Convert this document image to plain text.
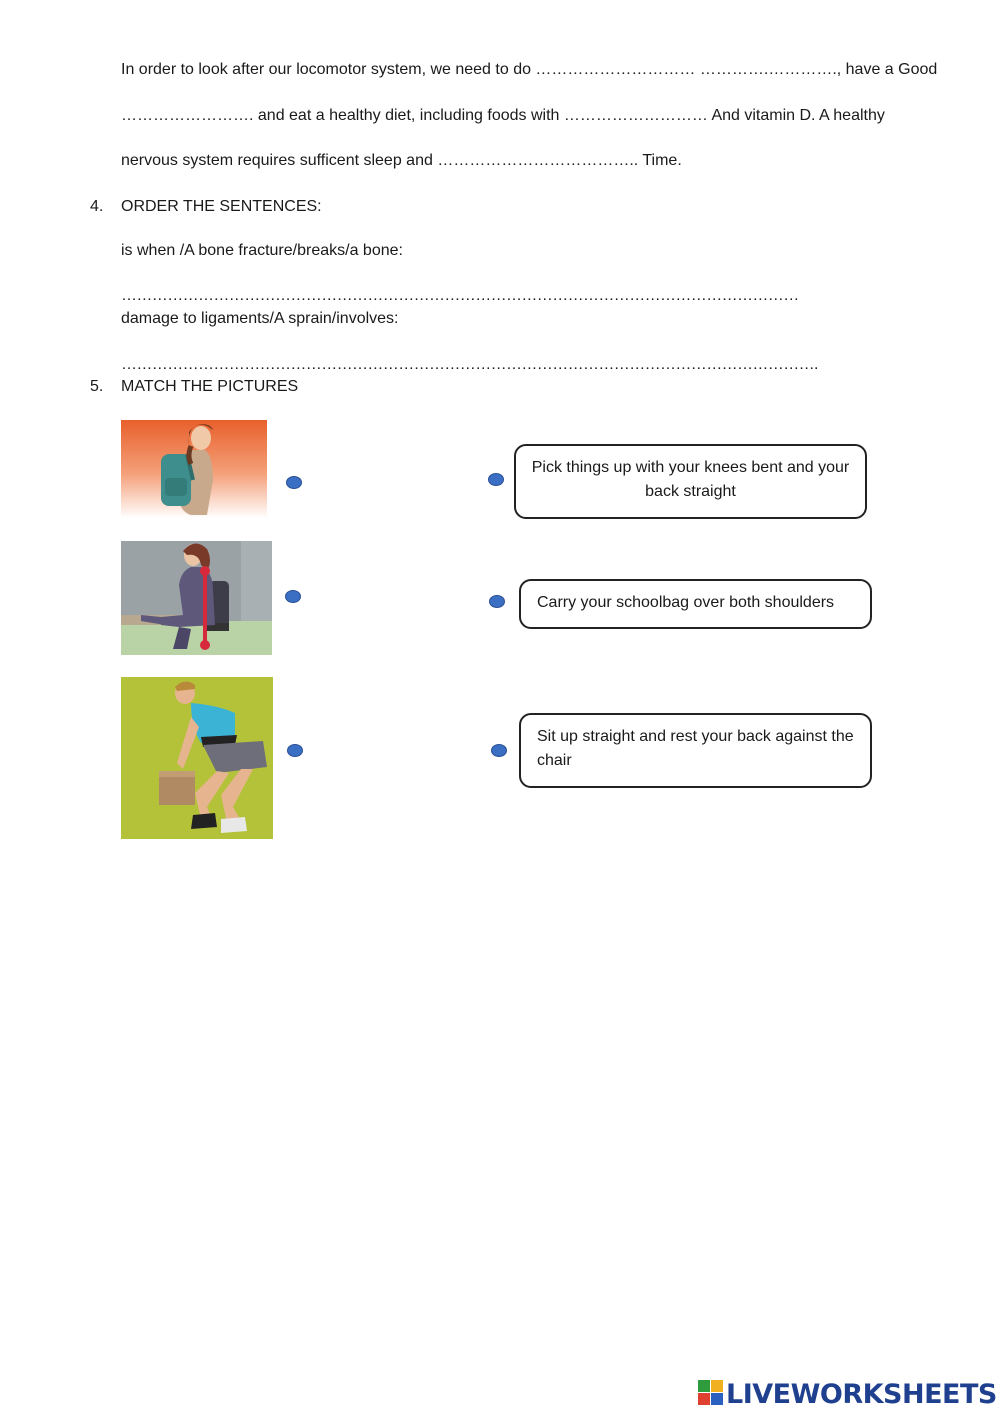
In order to look after our locomotor system, we need to do ………………………… ………….…………., have a Good
……………………. and eat a healthy diet, including foods with ……………………… And vitamin D. A healthy
nervous system requires sufficent sleep and ……………………………….. Time.
4. ORDER THE SENTENCES:
is when /A bone fracture/breaks/a bone:
……………………………………………………………………………………………………………………
damage to ligaments/A sprain/involves:
……………………………………………………………………………………………………………………….
5. MATCH THE PICTURES
Pick things up with your knees bent and your back straight
Carry your schoolbag over both shoulders
Sit up straight and rest your back against the chair
LIVEWORKSHEETS
